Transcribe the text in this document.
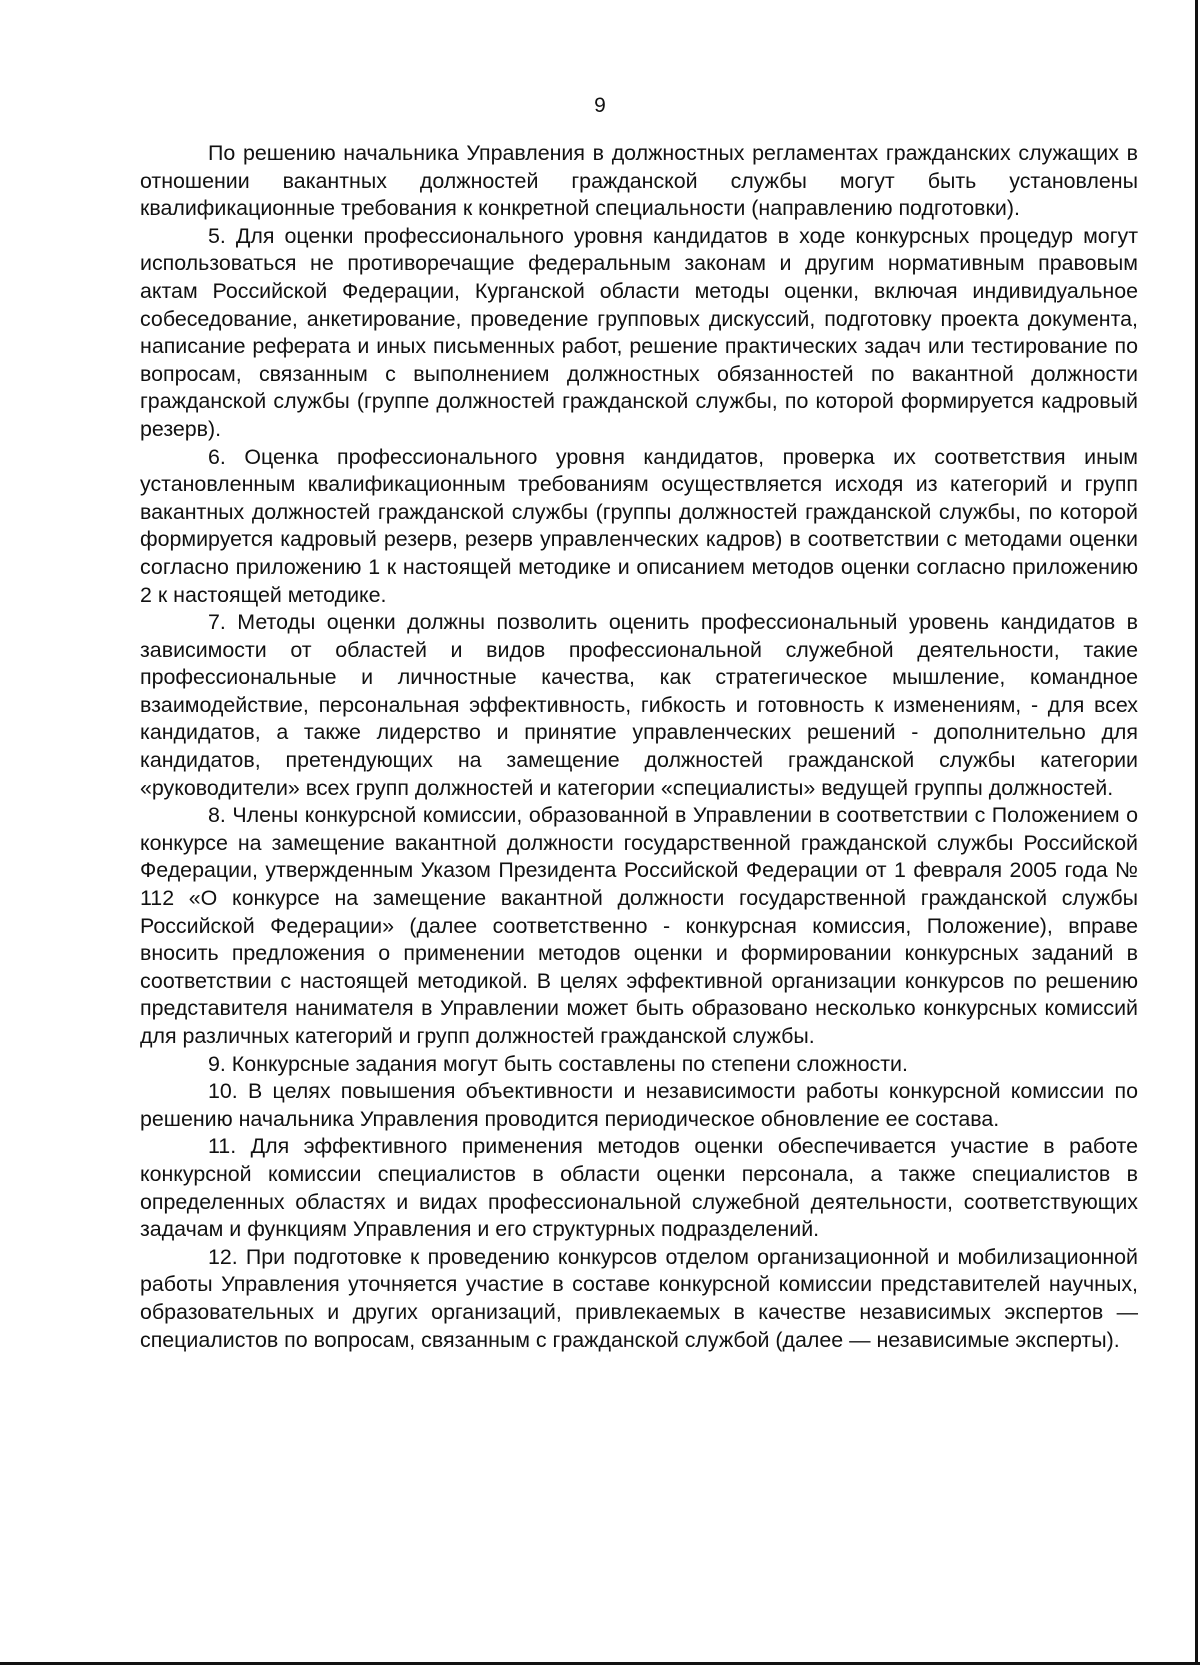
9

По решению начальника Управления в должностных регламентах гражданских служащих в отношении вакантных должностей гражданской службы могут быть установлены квалификационные требования к конкретной специальности (направлению подготовки).

5. Для оценки профессионального уровня кандидатов в ходе конкурсных процедур могут использоваться не противоречащие федеральным законам и другим нормативным правовым актам Российской Федерации, Курганской области методы оценки, включая индивидуальное собеседование, анкетирование, проведение групповых дискуссий, подготовку проекта документа, написание реферата и иных письменных работ, решение практических задач или тестирование по вопросам, связанным с выполнением должностных обязанностей по вакантной должности гражданской службы (группе должностей гражданской службы, по которой формируется кадровый резерв).

6. Оценка профессионального уровня кандидатов, проверка их соответствия иным установленным квалификационным требованиям осуществляется исходя из категорий и групп вакантных должностей гражданской службы (группы должностей гражданской службы, по которой формируется кадровый резерв, резерв управленческих кадров) в соответствии с методами оценки согласно приложению 1 к настоящей методике и описанием методов оценки согласно приложению 2 к настоящей методике.

7. Методы оценки должны позволить оценить профессиональный уровень кандидатов в зависимости от областей и видов профессиональной служебной деятельности, такие профессиональные и личностные качества, как стратегическое мышление, командное взаимодействие, персональная эффективность, гибкость и готовность к изменениям, - для всех кандидатов, а также лидерство и принятие управленческих решений - дополнительно для кандидатов, претендующих на замещение должностей гражданской службы категории «руководители» всех групп должностей и категории «специалисты» ведущей группы должностей.

8. Члены конкурсной комиссии, образованной в Управлении в соответствии с Положением о конкурсе на замещение вакантной должности государственной гражданской службы Российской Федерации, утвержденным Указом Президента Российской Федерации от 1 февраля 2005 года № 112 «О конкурсе на замещение вакантной должности государственной гражданской службы Российской Федерации» (далее соответственно - конкурсная комиссия, Положение), вправе вносить предложения о применении методов оценки и формировании конкурсных заданий в соответствии с настоящей методикой. В целях эффективной организации конкурсов по решению представителя нанимателя в Управлении может быть образовано несколько конкурсных комиссий для различных категорий и групп должностей гражданской службы.

9. Конкурсные задания могут быть составлены по степени сложности.

10. В целях повышения объективности и независимости работы конкурсной комиссии по решению начальника Управления проводится периодическое обновление ее состава.

11. Для эффективного применения методов оценки обеспечивается участие в работе конкурсной комиссии специалистов в области оценки персонала, а также специалистов в определенных областях и видах профессиональной служебной деятельности, соответствующих задачам и функциям Управления и его структурных подразделений.

12. При подготовке к проведению конкурсов отделом организационной и мобилизационной работы Управления уточняется участие в составе конкурсной комиссии представителей научных, образовательных и других организаций, привлекаемых в качестве независимых экспертов — специалистов по вопросам, связанным с гражданской службой (далее — независимые эксперты).
